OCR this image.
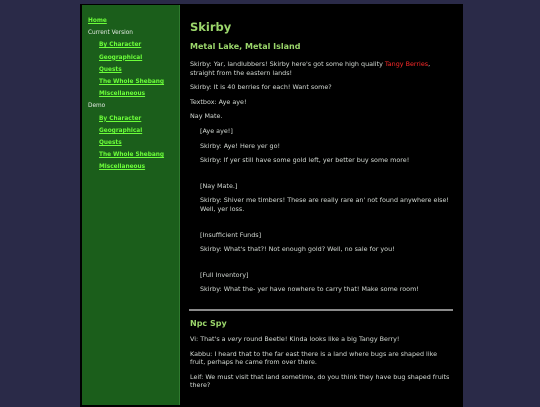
Home
Current Version
By Character
Geographical
Quests
The Whole Shebang
Miscellaneous
Demo
By Character
Geographical
Quests
The Whole Shebang
Miscellaneous
Skirby
Metal Lake, Metal Island

Skirby: Yar, landlubbers! Skirby here's got some high quality Tangy Berries, straight from the eastern lands!

Skirby: It is 40 berries for each! Want some?

Textbox: Aye aye!

Nay Mate.

[Aye aye!]

Skirby: Aye! Here yer go!

Skirby: If yer still have some gold left, yer better buy some more!

[Nay Mate.]

Skirby: Shiver me timbers! These are really rare an' not found anywhere else! Well, yer loss.

[Insufficient Funds]

Skirby: What's that?! Not enough gold? Well, no sale for you!

[Full Inventory]

Skirby: What the- yer have nowhere to carry that! Make some room!

Npc Spy

Vi: That's a very round Beetle! Kinda looks like a big Tangy Berry!

Kabbu: I heard that to the far east there is a land where bugs are shaped like fruit, perhaps he came from over there.

Leif: We must visit that land sometime, do you think they have bug shaped fruits there?
